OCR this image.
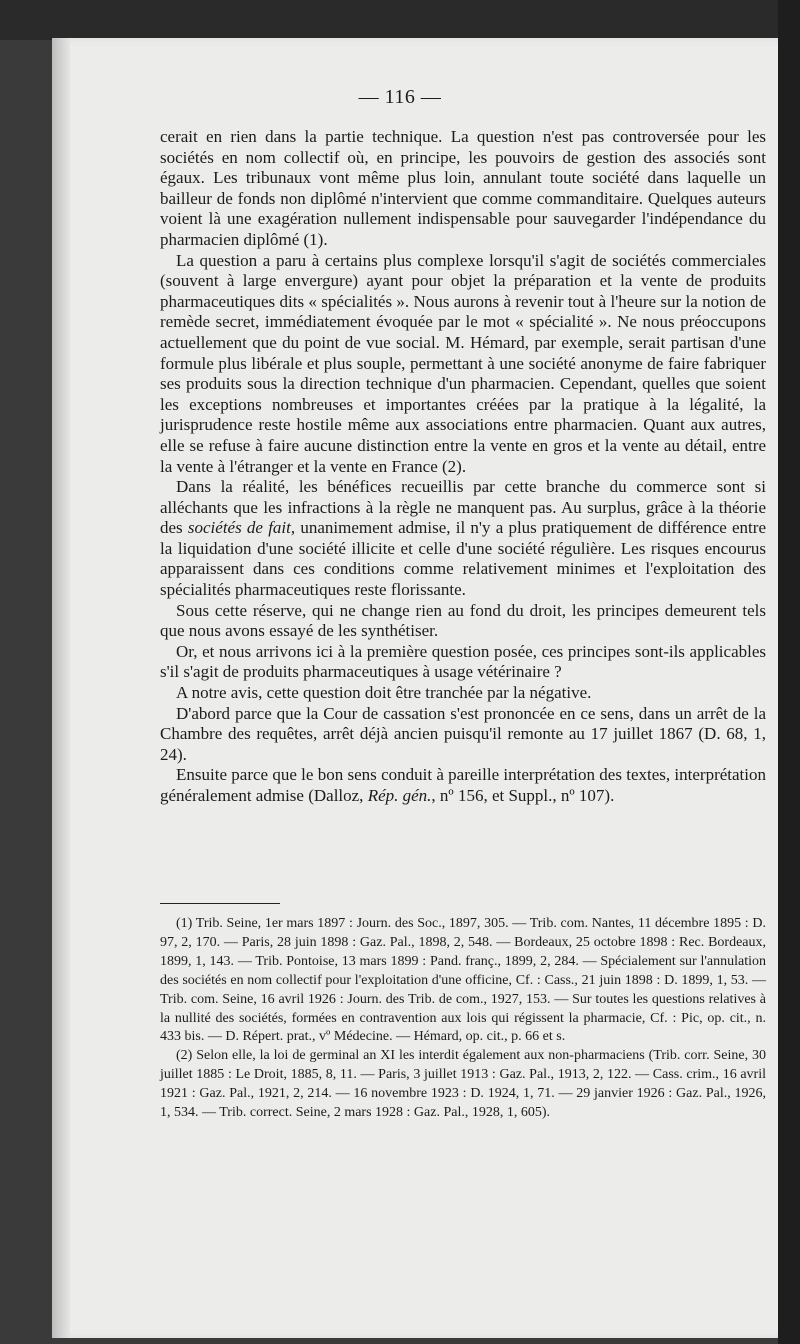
— 116 —

cerait en rien dans la partie technique. La question n'est pas controversée pour les sociétés en nom collectif où, en principe, les pouvoirs de gestion des associés sont égaux. Les tribunaux vont même plus loin, annulant toute société dans laquelle un bailleur de fonds non diplômé n'intervient que comme commanditaire. Quelques auteurs voient là une exagération nullement indispensable pour sauvegarder l'indépendance du pharmacien diplômé (1).

La question a paru à certains plus complexe lorsqu'il s'agit de sociétés commerciales (souvent à large envergure) ayant pour objet la préparation et la vente de produits pharmaceutiques dits « spécialités ». Nous aurons à revenir tout à l'heure sur la notion de remède secret, immédiatement évoquée par le mot « spécialité ». Ne nous préoccupons actuellement que du point de vue social. M. Hémard, par exemple, serait partisan d'une formule plus libérale et plus souple, permettant à une société anonyme de faire fabriquer ses produits sous la direction technique d'un pharmacien. Cependant, quelles que soient les exceptions nombreuses et importantes créées par la pratique à la légalité, la jurisprudence reste hostile même aux associations entre pharmacien. Quant aux autres, elle se refuse à faire aucune distinction entre la vente en gros et la vente au détail, entre la vente à l'étranger et la vente en France (2).

Dans la réalité, les bénéfices recueillis par cette branche du commerce sont si alléchants que les infractions à la règle ne manquent pas. Au surplus, grâce à la théorie des sociétés de fait, unanimement admise, il n'y a plus pratiquement de différence entre la liquidation d'une société illicite et celle d'une société régulière. Les risques encourus apparaissent dans ces conditions comme relativement minimes et l'exploitation des spécialités pharmaceutiques reste florissante.

Sous cette réserve, qui ne change rien au fond du droit, les principes demeurent tels que nous avons essayé de les synthétiser.

Or, et nous arrivons ici à la première question posée, ces principes sont-ils applicables s'il s'agit de produits pharmaceutiques à usage vétérinaire ?

A notre avis, cette question doit être tranchée par la négative.

D'abord parce que la Cour de cassation s'est prononcée en ce sens, dans un arrêt de la Chambre des requêtes, arrêt déjà ancien puisqu'il remonte au 17 juillet 1867 (D. 68, 1, 24).

Ensuite parce que le bon sens conduit à pareille interprétation des textes, interprétation généralement admise (Dalloz, Rép. gén., nº 156, et Suppl., nº 107).

(1) Trib. Seine, 1er mars 1897 : Journ. des Soc., 1897, 305. — Trib. com. Nantes, 11 décembre 1895 : D. 97, 2, 170. — Paris, 28 juin 1898 : Gaz. Pal., 1898, 2, 548. — Bordeaux, 25 octobre 1898 : Rec. Bordeaux, 1899, 1, 143. — Trib. Pontoise, 13 mars 1899 : Pand. franç., 1899, 2, 284. — Spécialement sur l'annulation des sociétés en nom collectif pour l'exploitation d'une officine, Cf. : Cass., 21 juin 1898 : D. 1899, 1, 53. — Trib. com. Seine, 16 avril 1926 : Journ. des Trib. de com., 1927, 153. — Sur toutes les questions relatives à la nullité des sociétés, formées en contravention aux lois qui régissent la pharmacie, Cf. : Pic, op. cit., n. 433 bis. — D. Répert. prat., vº Médecine. — Hémard, op. cit., p. 66 et s.

(2) Selon elle, la loi de germinal an XI les interdit également aux non-pharmaciens (Trib. corr. Seine, 30 juillet 1885 : Le Droit, 1885, 8, 11. — Paris, 3 juillet 1913 : Gaz. Pal., 1913, 2, 122. — Cass. crim., 16 avril 1921 : Gaz. Pal., 1921, 2, 214. — 16 novembre 1923 : D. 1924, 1, 71. — 29 janvier 1926 : Gaz. Pal., 1926, 1, 534. — Trib. correct. Seine, 2 mars 1928 : Gaz. Pal., 1928, 1, 605).
